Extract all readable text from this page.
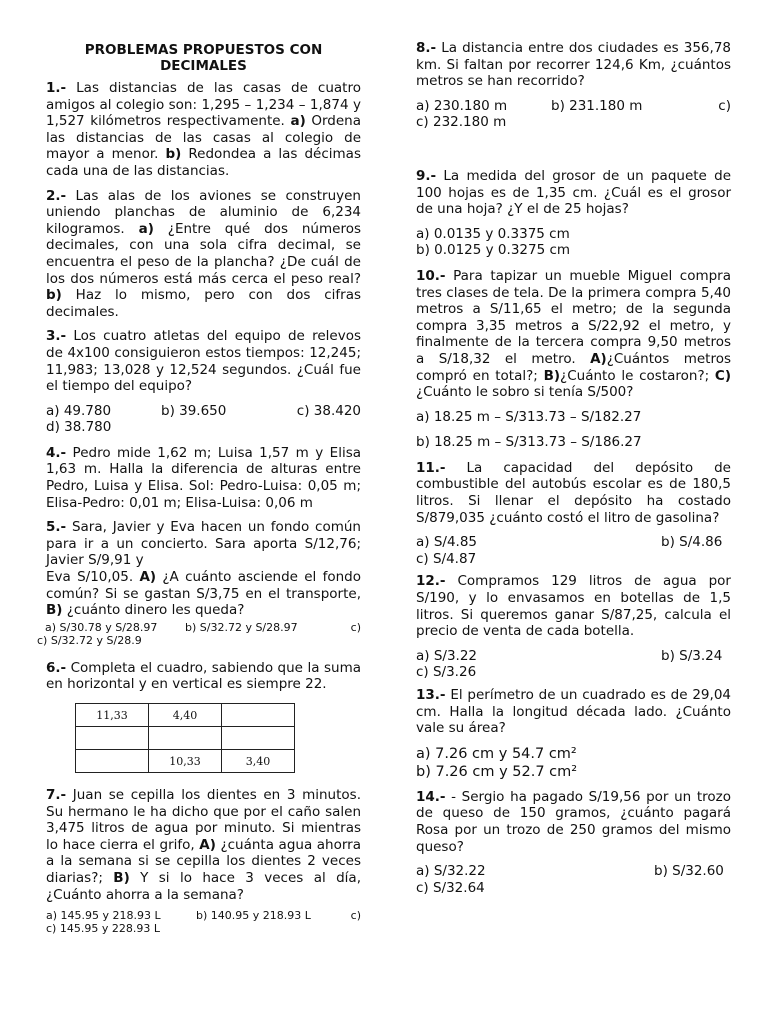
PROBLEMAS PROPUESTOS CON
DECIMALES

1.- Las distancias de las casas de cuatro amigos al colegio son: 1,295 – 1,234 – 1,874 y 1,527 kilómetros respectivamente. a) Ordena las distancias de las casas al colegio de mayor a menor. b) Redondea a las décimas cada una de las distancias.

2.- Las alas de los aviones se construyen uniendo planchas de aluminio de 6,234 kilogramos. a) ¿Entre qué dos números decimales, con una sola cifra decimal, se encuentra el peso de la plancha? ¿De cuál de los dos números está más cerca el peso real? b) Haz lo mismo, pero con dos cifras decimales.

3.- Los cuatro atletas del equipo de relevos de 4x100 consiguieron estos tiempos: 12,245; 11,983; 13,028 y 12,524 segundos. ¿Cuál fue el tiempo del equipo?

a) 49.780	b) 39.650	c) 38.420
d) 38.780

4.- Pedro mide 1,62 m; Luisa 1,57 m y Elisa 1,63 m. Halla la diferencia de alturas entre Pedro, Luisa y Elisa. Sol: Pedro-Luisa: 0,05 m; Elisa-Pedro: 0,01 m; Elisa-Luisa: 0,06 m

5.- Sara, Javier y Eva hacen un fondo común para ir a un concierto. Sara aporta S/12,76; Javier S/9,91 y
Eva S/10,05. A) ¿A cuánto asciende el fondo común? Si se gastan S/3,75 en el transporte, B) ¿cuánto dinero les queda?

a) S/30.78 y S/28.97	b) S/32.72 y S/28.97	c)
c) S/32.72 y S/28.9

6.- Completa el cuadro, sabiendo que la suma en horizontal y en vertical es siempre 22.

11,33	4,40	

	10,33	3,40

7.- Juan se cepilla los dientes en 3 minutos. Su hermano le ha dicho que por el caño salen 3,475 litros de agua por minuto. Si mientras lo hace cierra el grifo, A) ¿cuánta agua ahorra a la semana si se cepilla los dientes 2 veces diarias?; B) Y si lo hace 3 veces al día, ¿Cuánto ahorra a la semana?

a) 145.95 y 218.93 L	b) 140.95 y 218.93 L	c)
c) 145.95 y 228.93 L

8.- La distancia entre dos ciudades es 356,78 km. Si faltan por recorrer 124,6 Km, ¿cuántos metros se han recorrido?

a) 230.180 m	b) 231.180 m	c)
c) 232.180 m

9.- La medida del grosor de un paquete de 100 hojas es de 1,35 cm. ¿Cuál es el grosor de una hoja? ¿Y el de 25 hojas?

a) 0.0135 y 0.3375 cm
b) 0.0125 y 0.3275 cm

10.- Para tapizar un mueble Miguel compra tres clases de tela. De la primera compra 5,40 metros a S/11,65 el metro; de la segunda compra 3,35 metros a S/22,92 el metro, y finalmente de la tercera compra 9,50 metros a S/18,32 el metro. A)¿Cuántos metros compró en total?; B)¿Cuánto le costaron?; C)¿Cuánto le sobro si tenía S/500?

a) 18.25 m – S/313.73 – S/182.27
b) 18.25 m – S/313.73 – S/186.27

11.- La capacidad del depósito de combustible del autobús escolar es de 180,5 litros. Si llenar el depósito ha costado S/879,035 ¿cuánto costó el litro de gasolina?

a) S/4.85	b) S/4.86
c) S/4.87

12.- Compramos 129 litros de agua por S/190, y lo envasamos en botellas de 1,5 litros. Si queremos ganar S/87,25, calcula el precio de venta de cada botella.

a) S/3.22	b) S/3.24
c) S/3.26

13.- El perímetro de un cuadrado es de 29,04 cm. Halla la longitud década lado. ¿Cuánto vale su área?

a) 7.26 cm y 54.7 cm²
b) 7.26 cm y 52.7 cm²

14.- - Sergio ha pagado S/19,56 por un trozo de queso de 150 gramos, ¿cuánto pagará Rosa por un trozo de 250 gramos del mismo queso?

a) S/32.22	b) S/32.60
c) S/32.64
